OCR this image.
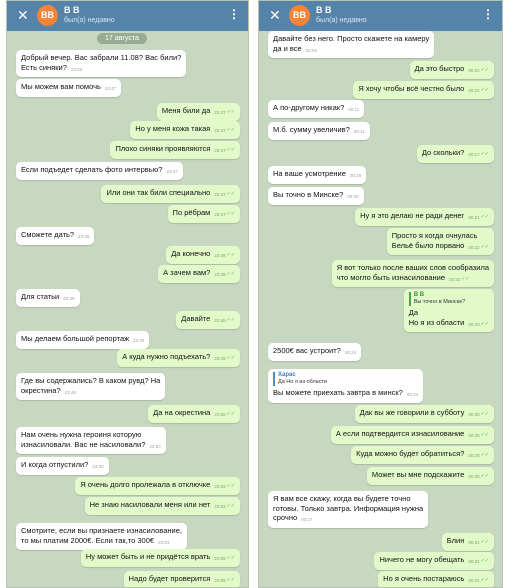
✕	BB	B B
был(а) недавно	⋮
17 августа
Добрый вечер. Вас забрали 11.08? Вас били?
Есть синяки? 23:46
Мы можем вам помочь 23:47
Меня били да 23:47✓✓
Но у меня кожа такая 23:47✓✓
Плохо синяки проявляются 23:47✓✓
Если подъедет сделать фото интервью? 23:47
Или они так били специально 23:47✓✓
По рёбрам 23:47✓✓
Сможете дать? 23:48
Да конечно 23:48✓✓
А зачем вам? 23:48✓✓
Для статьи 23:49
Давайте 23:49✓✓
Мы делаем большой репортаж 23:49
А куда нужно подъехать? 23:49✓✓
Где вы содержались? В каком рувд? На
окрестина? 23:49
Да на окрестина 23:50✓✓
Нам очень нужна героиня которую
изнасиловали. Вас не насиловали? 23:50
И когда отпустили? 23:50
Я очень долго пролежала в отключке 23:52✓✓
Не знаю насиловали меня или нет 23:52✓✓
Смотрите, если вы признаете изнасилование,
то мы платим 2000€. Если так,то 300€ 23:53
Ну может быть и не придётся врать 23:59✓✓
Надо будет проверится 23:59✓✓
✕	BB	B B
был(а) недавно	⋮
Давайте без него. Просто скажете на камеру
да и все 00:04
Да это быстро 00:04✓✓
Я хочу чтобы всё честно было 00:04✓✓
А по-другому никак? 00:11
М.б. сумму увеличив? 00:11
До скольки? 00:17✓✓
На ваше усмотрение 00:18
Вы точно в Минске? 00:20
Ну я это делаю не ради денег 00:21✓✓
Просто я когда очнулась
Бельё было порвано 00:22✓✓
Я вот только после ваших слов сообразила
что могло быть изнасилование 00:22✓✓
В В
Вы точно в Минске?
Да
Но я из области 00:23✓✓
2500€ вас устроит? 00:24
Харас
Да Но я из области
Вы можете приехать завтра в минск? 00:24
Дак вы же говорили в субботу 00:25✓✓
А если подтвердится изнасилование 00:25✓✓
Куда можно будет обратиться? 00:25✓✓
Может вы мне подскажите 00:26✓✓
Я вам все скажу, когда вы будете точно
готовы. Только завтра. Информация нужна
срочно 00:27
Блин 00:31✓✓
Ничего не могу обещать 00:31✓✓
Но я очень постараюсь 00:31✓✓
